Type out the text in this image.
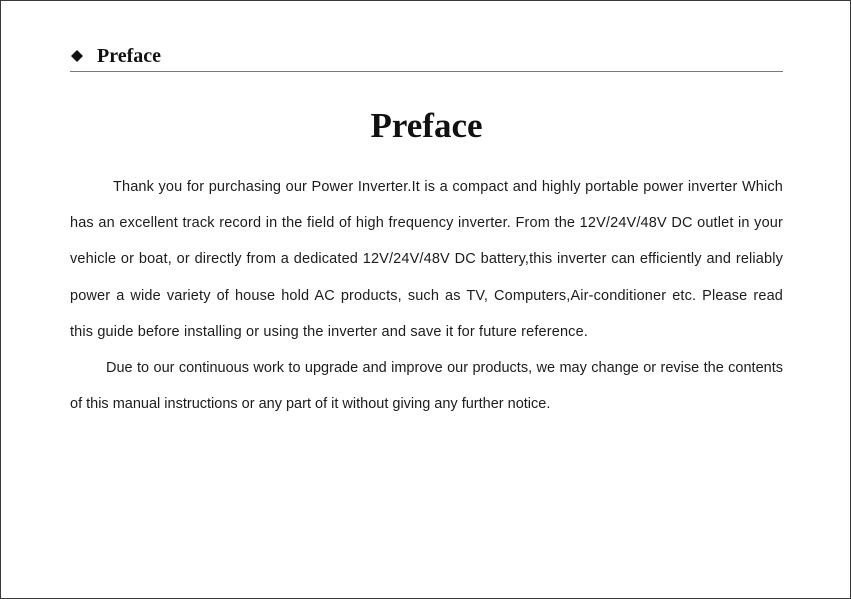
Preface
Preface

Thank you for purchasing our Power Inverter.It is a compact and highly portable power inverter Which has an excellent track record in the field of high frequency inverter. From the 12V/24V/48V DC outlet in your vehicle or boat, or directly from a dedicated 12V/24V/48V DC battery,this inverter can efficiently and reliably power a wide variety of house hold AC products, such as TV, Computers,Air-conditioner etc. Please read this guide before installing or using the inverter and save it for future reference.

Due to our continuous work to upgrade and improve our products, we may change or revise the contents of this manual instructions or any part of it without giving any further notice.
